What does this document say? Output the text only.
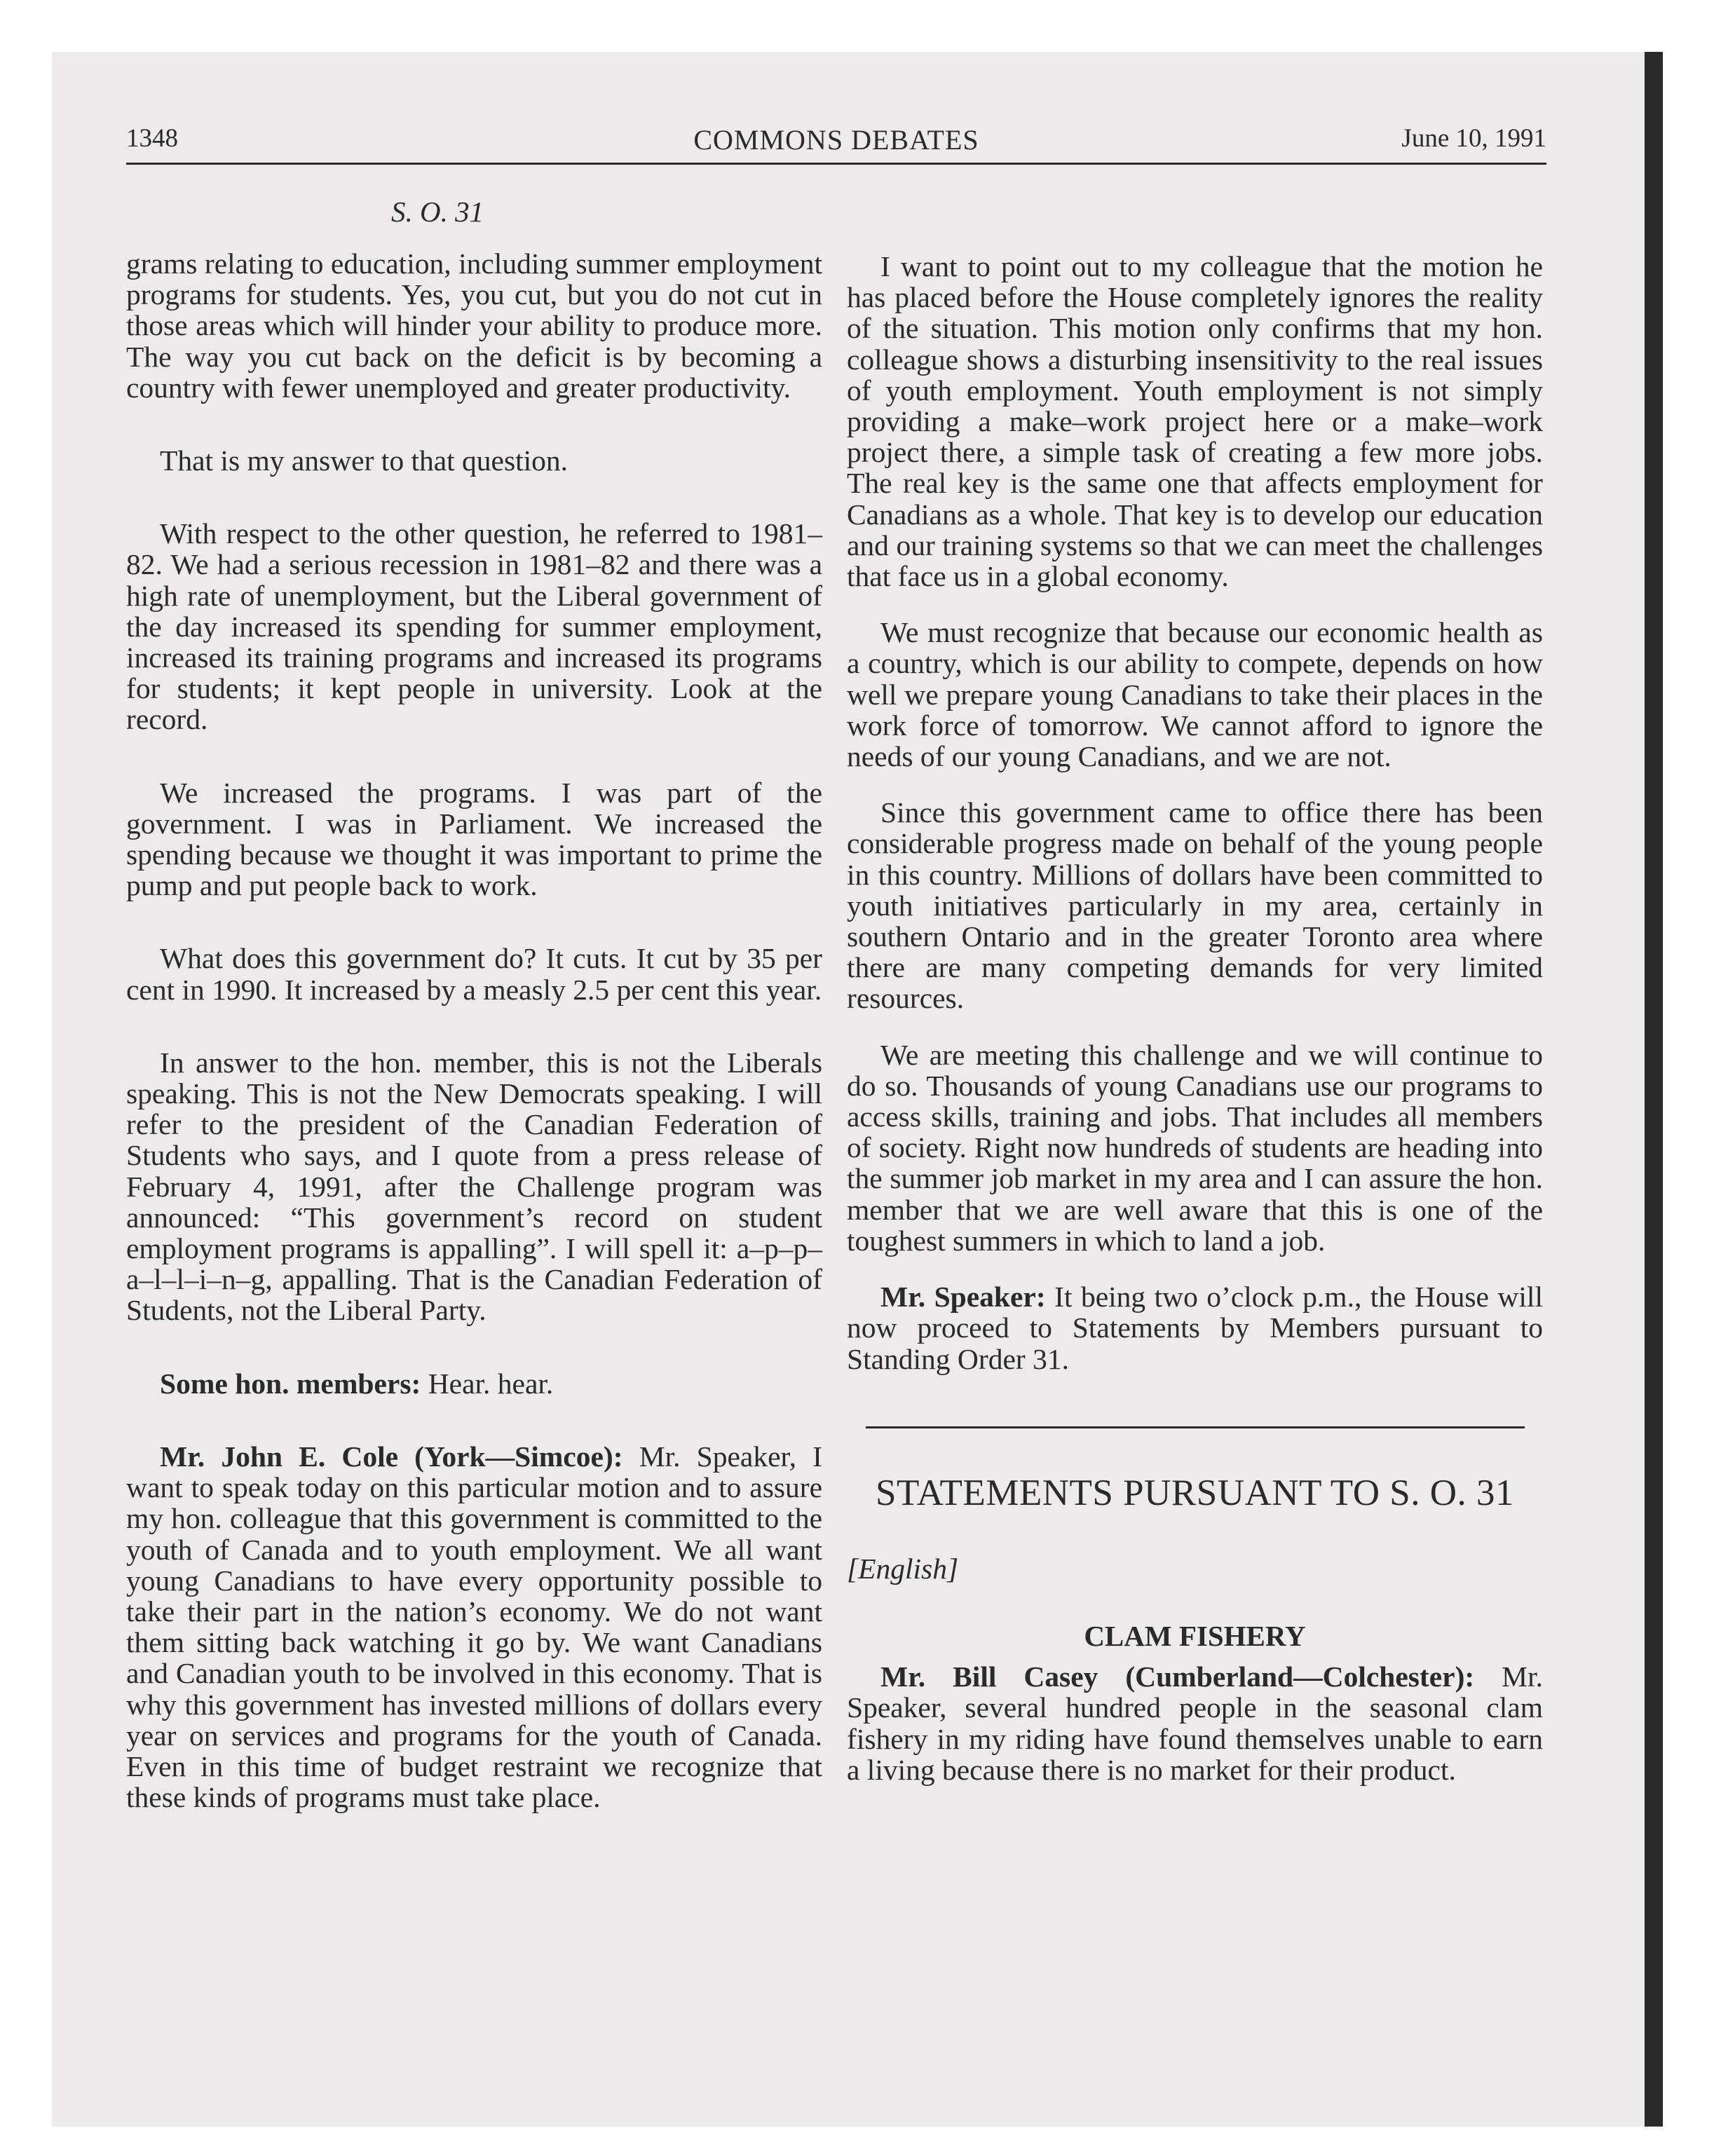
1348	COMMONS DEBATES	June 10, 1991
S. O. 31

grams relating to education, including summer employment programs for students. Yes, you cut, but you do not cut in those areas which will hinder your ability to produce more. The way you cut back on the deficit is by becoming a country with fewer unemployed and greater productivity.

That is my answer to that question.

With respect to the other question, he referred to 1981–82. We had a serious recession in 1981–82 and there was a high rate of unemployment, but the Liberal government of the day increased its spending for summer employment, increased its training programs and increased its programs for students; it kept people in university. Look at the record.

We increased the programs. I was part of the government. I was in Parliament. We increased the spending because we thought it was important to prime the pump and put people back to work.

What does this government do? It cuts. It cut by 35 per cent in 1990. It increased by a measly 2.5 per cent this year.

In answer to the hon. member, this is not the Liberals speaking. This is not the New Democrats speaking. I will refer to the president of the Canadian Federation of Students who says, and I quote from a press release of February 4, 1991, after the Challenge program was announced: “This government’s record on student employment programs is appalling”. I will spell it: a–p–p–a–l–l–i–n–g, appalling. That is the Canadian Federation of Students, not the Liberal Party.

Some hon. members: Hear. hear.

Mr. John E. Cole (York—Simcoe): Mr. Speaker, I want to speak today on this particular motion and to assure my hon. colleague that this government is committed to the youth of Canada and to youth employment. We all want young Canadians to have every opportunity possible to take their part in the nation’s economy. We do not want them sitting back watching it go by. We want Canadians and Canadian youth to be involved in this economy. That is why this government has invested millions of dollars every year on services and programs for the youth of Canada. Even in this time of budget restraint we recognize that these kinds of programs must take place.

I want to point out to my colleague that the motion he has placed before the House completely ignores the reality of the situation. This motion only confirms that my hon. colleague shows a disturbing insensitivity to the real issues of youth employment. Youth employment is not simply providing a make–work project here or a make–work project there, a simple task of creating a few more jobs. The real key is the same one that affects employment for Canadians as a whole. That key is to develop our education and our training systems so that we can meet the challenges that face us in a global economy.

We must recognize that because our economic health as a country, which is our ability to compete, depends on how well we prepare young Canadians to take their places in the work force of tomorrow. We cannot afford to ignore the needs of our young Canadians, and we are not.

Since this government came to office there has been considerable progress made on behalf of the young people in this country. Millions of dollars have been committed to youth initiatives particularly in my area, certainly in southern Ontario and in the greater Toronto area where there are many competing demands for very limited resources.

We are meeting this challenge and we will continue to do so. Thousands of young Canadians use our programs to access skills, training and jobs. That includes all members of society. Right now hundreds of students are heading into the summer job market in my area and I can assure the hon. member that we are well aware that this is one of the toughest summers in which to land a job.

Mr. Speaker: It being two o’clock p.m., the House will now proceed to Statements by Members pursuant to Standing Order 31.

STATEMENTS PURSUANT TO S. O. 31
[English]
CLAM FISHERY

Mr. Bill Casey (Cumberland—Colchester): Mr. Speaker, several hundred people in the seasonal clam fishery in my riding have found themselves unable to earn a living because there is no market for their product.
